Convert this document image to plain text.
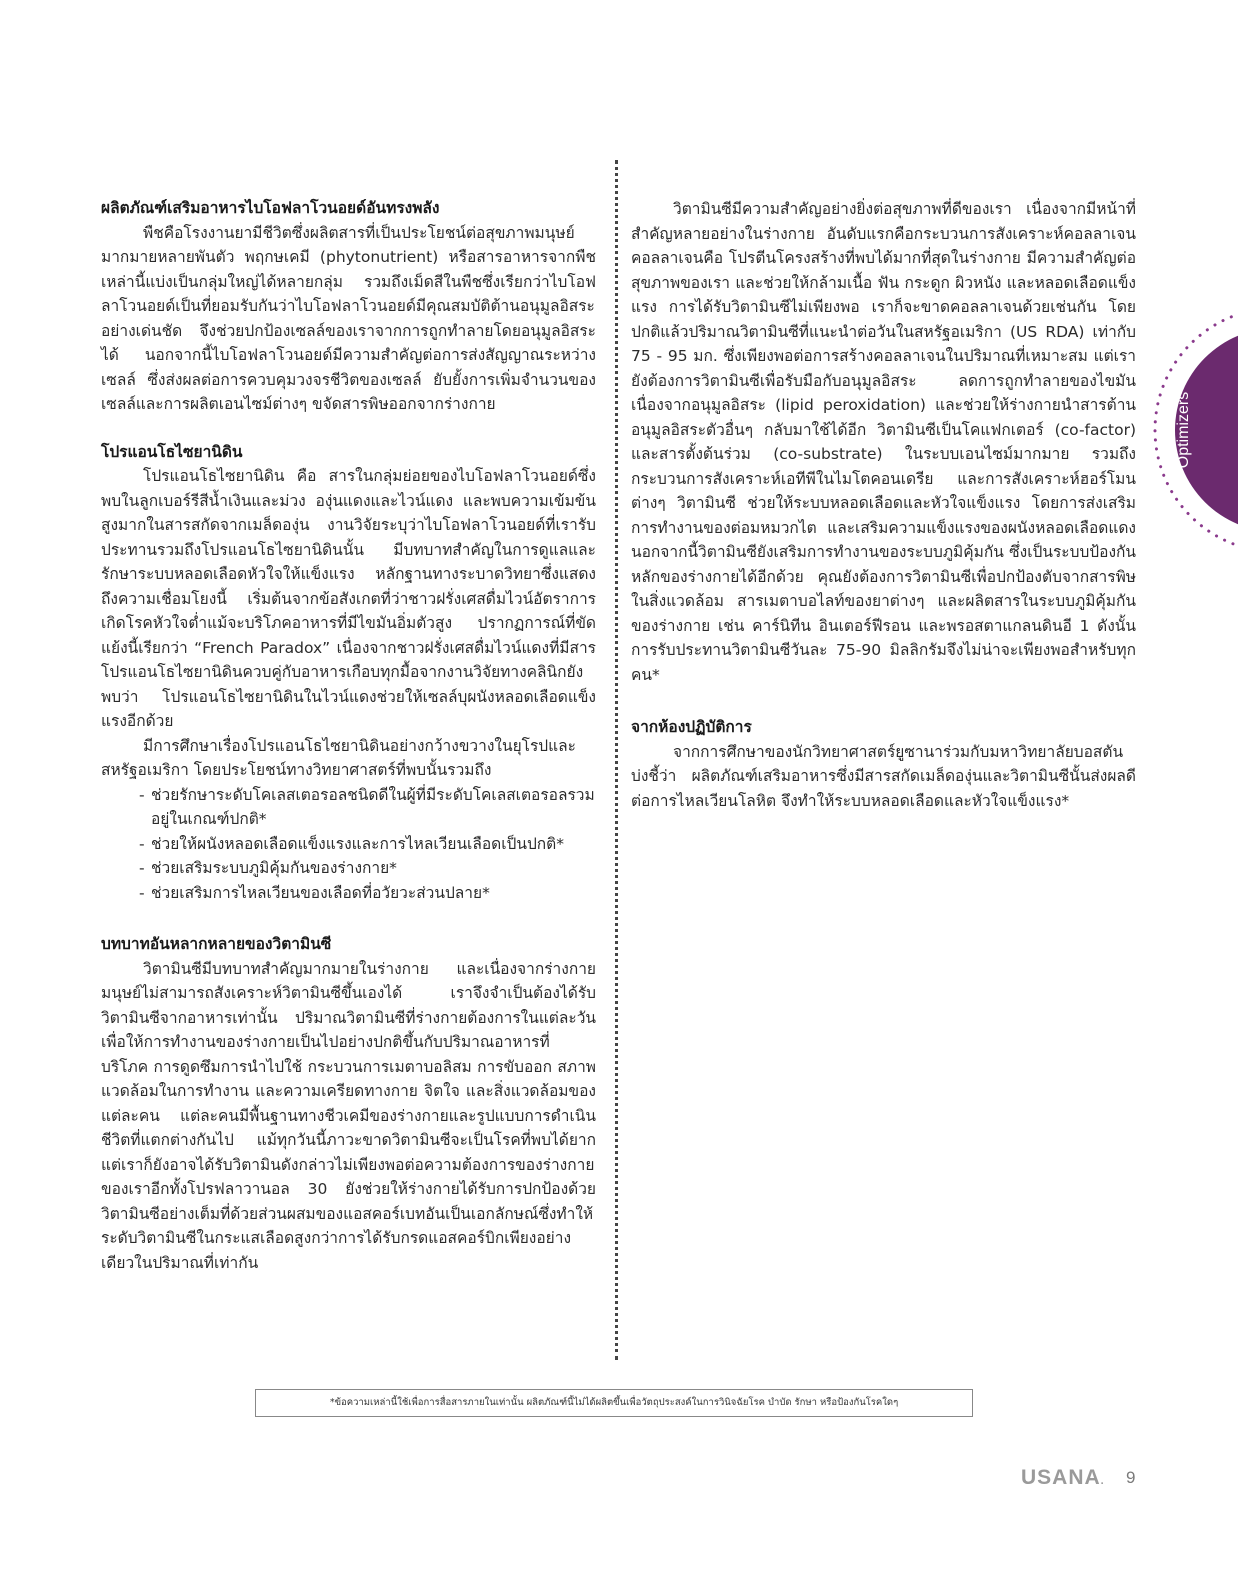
ผลิตภัณฑ์เสริมอาหารไบโอฟลาโวนอยด์อันทรงพลัง

พืชคือโรงงานยามีชีวิตซึ่งผลิตสารที่เป็นประโยชน์ต่อสุขภาพมนุษย์มากมายหลายพันตัว พฤกษเคมี (phytonutrient) หรือสารอาหารจากพืชเหล่านี้แบ่งเป็นกลุ่มใหญ่ได้หลายกลุ่ม รวมถึงเม็ดสีในพืชซึ่งเรียกว่าไบโอฟลาโวนอยด์เป็นที่ยอมรับกันว่าไบโอฟลาโวนอยด์มีคุณสมบัติต้านอนุมูลอิสระอย่างเด่นชัด จึงช่วยปกป้องเซลล์ของเราจากการถูกทำลายโดยอนุมูลอิสระได้ นอกจากนี้ไบโอฟลาโวนอยด์มีความสำคัญต่อการส่งสัญญาณระหว่างเซลล์ ซึ่งส่งผลต่อการควบคุมวงจรชีวิตของเซลล์ ยับยั้งการเพิ่มจำนวนของเซลล์และการผลิตเอนไซม์ต่างๆ ขจัดสารพิษออกจากร่างกาย

โปรแอนโธไซยานิดิน

โปรแอนโธไซยานิดิน คือ สารในกลุ่มย่อยของไบโอฟลาโวนอยด์ซึ่งพบในลูกเบอร์รีสีน้ำเงินและม่วง องุ่นแดงและไวน์แดง และพบความเข้มข้นสูงมากในสารสกัดจากเมล็ดองุ่น งานวิจัยระบุว่าไบโอฟลาโวนอยด์ที่เรารับประทานรวมถึงโปรแอนโธไซยานิดินนั้น มีบทบาทสำคัญในการดูแลและรักษาระบบหลอดเลือดหัวใจให้แข็งแรง หลักฐานทางระบาดวิทยาซึ่งแสดงถึงความเชื่อมโยงนี้ เริ่มต้นจากข้อสังเกตที่ว่าชาวฝรั่งเศสดื่มไวน์อัตราการเกิดโรคหัวใจต่ำแม้จะบริโภคอาหารที่มีไขมันอิ่มตัวสูง ปรากฏการณ์ที่ขัดแย้งนี้เรียกว่า “French Paradox” เนื่องจากชาวฝรั่งเศสดื่มไวน์แดงที่มีสารโปรแอนโธไซยานิดินควบคู่กับอาหารเกือบทุกมื้อจากงานวิจัยทางคลินิกยังพบว่า โปรแอนโธไซยานิดินในไวน์แดงช่วยให้เซลล์บุผนังหลอดเลือดแข็งแรงอีกด้วย

มีการศึกษาเรื่องโปรแอนโธไซยานิดินอย่างกว้างขวางในยุโรปและสหรัฐอเมริกา โดยประโยชน์ทางวิทยาศาสตร์ที่พบนั้นรวมถึง

- ช่วยรักษาระดับโคเลสเตอรอลชนิดดีในผู้ที่มีระดับโคเลสเตอรอลรวมอยู่ในเกณฑ์ปกติ*
- ช่วยให้ผนังหลอดเลือดแข็งแรงและการไหลเวียนเลือดเป็นปกติ*
- ช่วยเสริมระบบภูมิคุ้มกันของร่างกาย*
- ช่วยเสริมการไหลเวียนของเลือดที่อวัยวะส่วนปลาย*

บทบาทอันหลากหลายของวิตามินซี

วิตามินซีมีบทบาทสำคัญมากมายในร่างกาย และเนื่องจากร่างกายมนุษย์ไม่สามารถสังเคราะห์วิตามินซีขึ้นเองได้ เราจึงจำเป็นต้องได้รับวิตามินซีจากอาหารเท่านั้น ปริมาณวิตามินซีที่ร่างกายต้องการในแต่ละวันเพื่อให้การทำงานของร่างกายเป็นไปอย่างปกติขึ้นกับปริมาณอาหารที่บริโภค การดูดซึมการนำไปใช้ กระบวนการเมตาบอลิสม การขับออก สภาพแวดล้อมในการทำงาน และความเครียดทางกาย จิตใจ และสิ่งแวดล้อมของแต่ละคน แต่ละคนมีพื้นฐานทางชีวเคมีของร่างกายและรูปแบบการดำเนินชีวิตที่แตกต่างกันไป แม้ทุกวันนี้ภาวะขาดวิตามินซีจะเป็นโรคที่พบได้ยาก แต่เราก็ยังอาจได้รับวิตามินดังกล่าวไม่เพียงพอต่อความต้องการของร่างกายของเราอีกทั้งโปรฟลาวานอล 30 ยังช่วยให้ร่างกายได้รับการปกป้องด้วยวิตามินซีอย่างเต็มที่ด้วยส่วนผสมของแอสคอร์เบทอันเป็นเอกลักษณ์ซึ่งทำให้ระดับวิตามินซีในกระแสเลือดสูงกว่าการได้รับกรดแอสคอร์บิกเพียงอย่างเดียวในปริมาณที่เท่ากัน

วิตามินซีมีความสำคัญอย่างยิ่งต่อสุขภาพที่ดีของเรา เนื่องจากมีหน้าที่สำคัญหลายอย่างในร่างกาย อันดับแรกคือกระบวนการสังเคราะห์คอลลาเจน คอลลาเจนคือ โปรตีนโครงสร้างที่พบได้มากที่สุดในร่างกาย มีความสำคัญต่อสุขภาพของเรา และช่วยให้กล้ามเนื้อ ฟัน กระดูก ผิวหนัง และหลอดเลือดแข็งแรง การได้รับวิตามินซีไม่เพียงพอ เราก็จะขาดคอลลาเจนด้วยเช่นกัน โดยปกติแล้วปริมาณวิตามินซีที่แนะนำต่อวันในสหรัฐอเมริกา (US RDA) เท่ากับ 75 - 95 มก. ซึ่งเพียงพอต่อการสร้างคอลลาเจนในปริมาณที่เหมาะสม แต่เรายังต้องการวิตามินซีเพื่อรับมือกับอนุมูลอิสระ ลดการถูกทำลายของไขมัน เนื่องจากอนุมูลอิสระ (lipid peroxidation) และช่วยให้ร่างกายนำสารต้านอนุมูลอิสระตัวอื่นๆ กลับมาใช้ได้อีก วิตามินซีเป็นโคแฟกเตอร์ (co-factor) และสารตั้งต้นร่วม (co-substrate) ในระบบเอนไซม์มากมาย รวมถึงกระบวนการสังเคราะห์เอทีพีในไมโตคอนเดรีย และการสังเคราะห์ฮอร์โมนต่างๆ วิตามินซี ช่วยให้ระบบหลอดเลือดและหัวใจแข็งแรง โดยการส่งเสริมการทำงานของต่อมหมวกไต และเสริมความแข็งแรงของผนังหลอดเลือดแดง นอกจากนี้วิตามินซียังเสริมการทำงานของระบบภูมิคุ้มกัน ซึ่งเป็นระบบป้องกันหลักของร่างกายได้อีกด้วย คุณยังต้องการวิตามินซีเพื่อปกป้องตับจากสารพิษในสิ่งแวดล้อม สารเมตาบอไลท์ของยาต่างๆ และผลิตสารในระบบภูมิคุ้มกันของร่างกาย เช่น คาร์นิทีน อินเตอร์ฟีรอน และพรอสตาแกลนดินอี 1 ดังนั้นการรับประทานวิตามินซีวันละ 75-90 มิลลิกรัมจึงไม่น่าจะเพียงพอสำหรับทุกคน*

จากห้องปฏิบัติการ

จากการศึกษาของนักวิทยาศาสตร์ยูซานาร่วมกับมหาวิทยาลัยบอสตันบ่งชี้ว่า ผลิตภัณฑ์เสริมอาหารซึ่งมีสารสกัดเมล็ดองุ่นและวิตามินซีนั้นส่งผลดีต่อการไหลเวียนโลหิต จึงทำให้ระบบหลอดเลือดและหัวใจแข็งแรง*

*ข้อความเหล่านี้ใช้เพื่อการสื่อสารภายในเท่านั้น ผลิตภัณฑ์นี้ไม่ได้ผลิตขึ้นเพื่อวัตถุประสงค์ในการวินิจฉัยโรค บำบัด รักษา หรือป้องกันโรคใดๆ
Optimizers
USANA. 9
